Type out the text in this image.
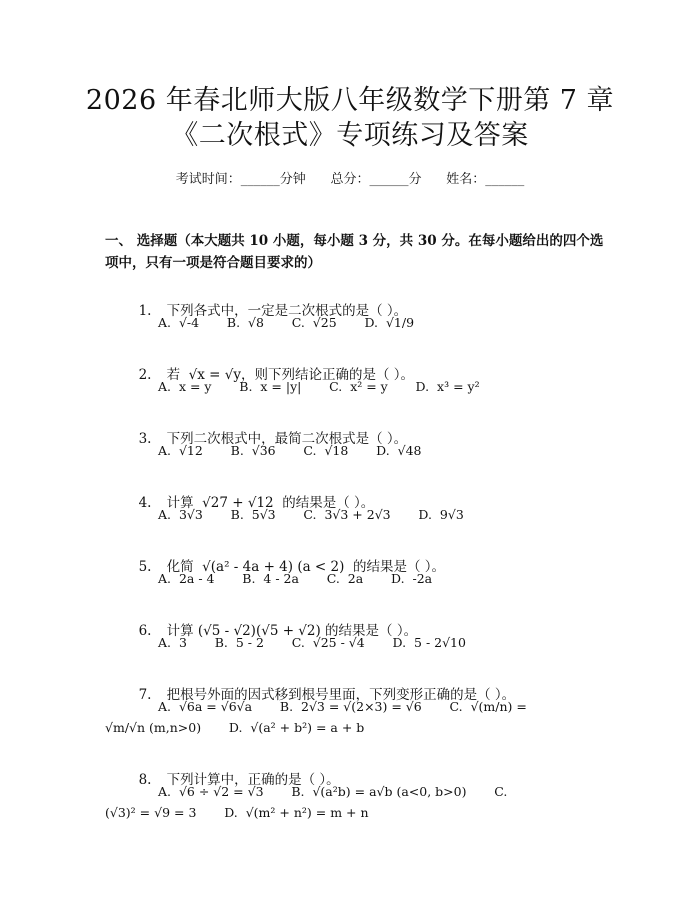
2026 年春北师大版八年级数学下册第 7 章
《二次根式》专项练习及答案
考试时间：______分钟      总分：______分      姓名：______
一、 选择题（本大题共 10 小题，每小题 3 分，共 30 分。在每小题给出的四个选项中，只有一项是符合题目要求的）

1. 下列各式中，一定是二次根式的是（ ）。

A.  √-4       B.  √8       C.  √25       D.  √1/9

2. 若  √x = √y，则下列结论正确的是（ ）。

A.  x = y       B.  x = |y|       C.  x² = y       D.  x³ = y²

3. 下列二次根式中，最简二次根式是（ ）。

A.  √12       B.  √36       C.  √18       D.  √48

4. 计算  √27 + √12  的结果是（ ）。

A.  3√3       B.  5√3       C.  3√3 + 2√3       D.  9√3

5. 化简  √(a² - 4a + 4) (a < 2)  的结果是（ ）。

A.  2a - 4       B.  4 - 2a       C.  2a       D.  -2a

6. 计算 (√5 - √2)(√5 + √2) 的结果是（ ）。

A.  3       B.  5 - 2       C.  √25 - √4       D.  5 - 2√10

7. 把根号外面的因式移到根号里面，下列变形正确的是（ ）。

A.  √6a = √6√a       B.  2√3 = √(2×3) = √6       C.  √(m/n) =
√m/√n (m,n>0)       D.  √(a² + b²) = a + b

8. 下列计算中，正确的是（ ）。

A.  √6 ÷ √2 = √3       B.  √(a²b) = a√b (a<0, b>0)       C.
(√3)² = √9 = 3       D.  √(m² + n²) = m + n
